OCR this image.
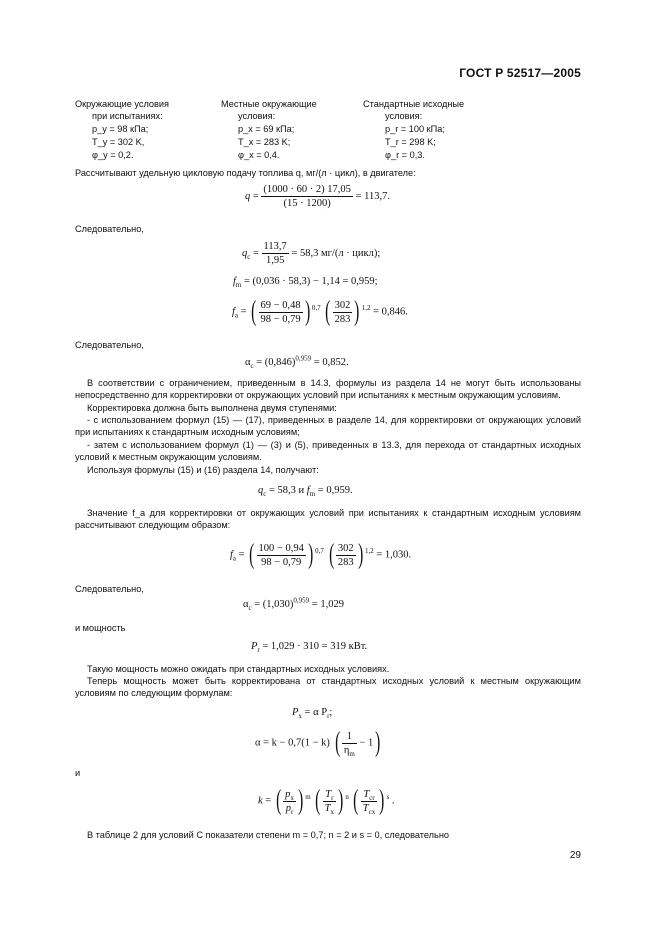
ГОСТ Р 52517—2005
Окружающие условия
при испытаниях:
p_y = 98 кПа;
T_y = 302 K,
φ_y = 0,2.
Местные окружающие
условия:
p_x = 69 кПа;
T_x = 283 K;
φ_x = 0,4.
Стандартные исходные
условия:
p_r = 100 кПа;
T_r = 298 K;
φ_r = 0,3.
Рассчитывают удельную цикловую подачу топлива q, мг/(л · цикл), в двигателе:
$q = \frac{(1000 \cdot 60 \cdot 2) 17,05}{(15 \cdot 1200)} = 113,7$.
Следовательно,
$q_c = \frac{113,7}{1,95} = 58,3$ мг/(л · цикл);
$f_m = (0,036 \cdot 58,3) - 1,14 = 0,959$;
$f_a$ = ( $\frac{69 - 0,48}{98 - 0,79}$ ) $^{0,7}$ ( $\frac{302}{283}$ ) $^{1,2}$ = 0,846.
Следовательно,
$\alpha_c = (0,846)^{0,959} = 0,852$.
В соответствии с ограничением, приведенным в 14.3, формулы из раздела 14 не могут быть использованы непосредственно для корректировки от окружающих условий при испытаниях к местным окружающим условиям.
Корректировка должна быть выполнена двумя ступенями:
- с использованием формул (15) — (17), приведенных в разделе 14, для корректировки от окружающих условий при испытаниях к стандартным исходным условиям;
- затем с использованием формул (1) — (3) и (5), приведенных в 13.3, для перехода от стандартных исходных условий к местным окружающим условиям.
Используя формулы (15) и (16) раздела 14, получают:
$q_c = 58,3$ и $f_m = 0,959$.
Значение f_a для корректировки от окружающих условий при испытаниях к стандартным исходным условиям рассчитывают следующим образом:
$f_a$ = ( $\frac{100 - 0,94}{98 - 0,79}$ ) $^{0,7}$ ( $\frac{302}{283}$ ) $^{1,2}$ = 1,030.
Следовательно,
$\alpha_c = (1,030)^{0,959} = 1,029$
и мощность
$P_r = 1,029 \cdot 310 = 319$ кВт.
Такую мощность можно ожидать при стандартных исходных условиях.
Теперь мощность может быть корректирована от стандартных исходных условий к местным окружающим условиям по следующим формулам:
$P_x = \alpha$ $P_r$;
α = k − 0,7(1 − k) ( $\frac{1}{\eta_m} - 1$)
и
k = ( $\frac{p_x}{p_r}$ ) $^m$ ( $\frac{T_r}{T_x}$ ) $^n$ ( $\frac{T_{cr}}{T_{cx}}$ ) $^s$ .
В таблице 2 для условий С показатели степени m = 0,7; n = 2 и s = 0, следовательно
29
